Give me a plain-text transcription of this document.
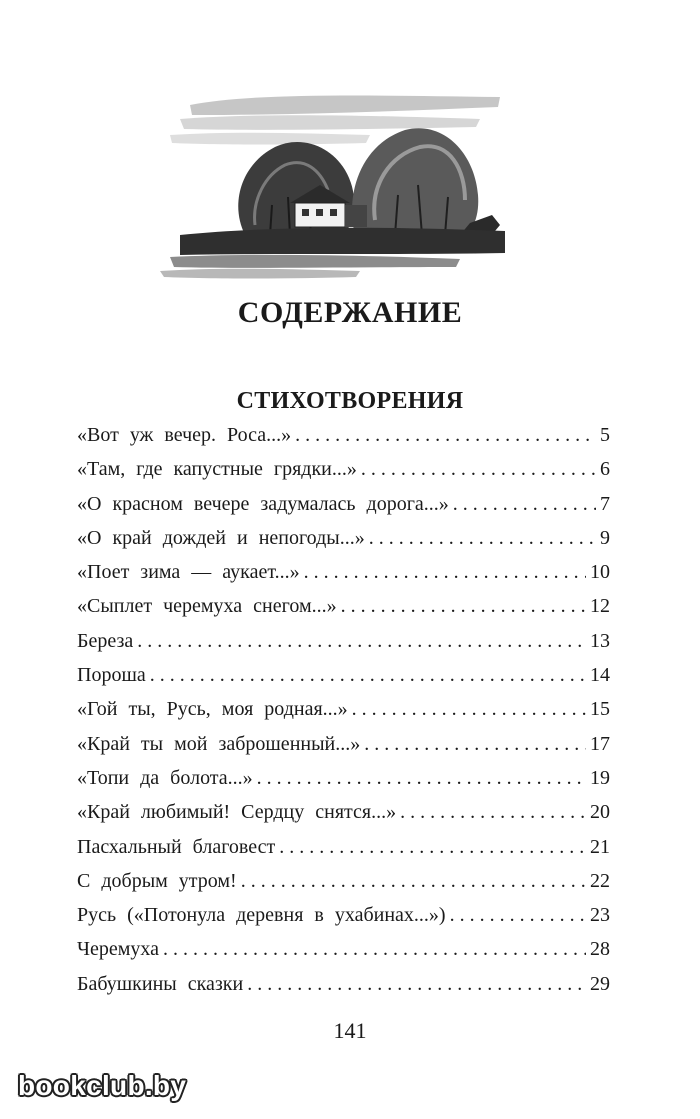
СОДЕРЖАНИЕ
СТИХОТВОРЕНИЯ
«Вот уж вечер. Роса...» . . .	5
«Там, где капустные грядки...» . . .	6
«О красном вечере задумалась дорога...» . . .	7
«О край дождей и непогоды...» . . .	9
«Поет зима — аукает...» . . .	10
«Сыплет черемуха снегом...» . . .	12
Береза . . .	13
Пороша . . .	14
«Гой ты, Русь, моя родная...» . . .	15
«Край ты мой заброшенный...» . . .	17
«Топи да болота...» . . .	19
«Край любимый! Сердцу снятся...» . . .	20
Пасхальный благовест . . .	21
С добрым утром! . . .	22
Русь («Потонула деревня в ухабинах...») . . .	23
Черемуха . . .	28
Бабушкины сказки . . .	29
141
bookclub.by
